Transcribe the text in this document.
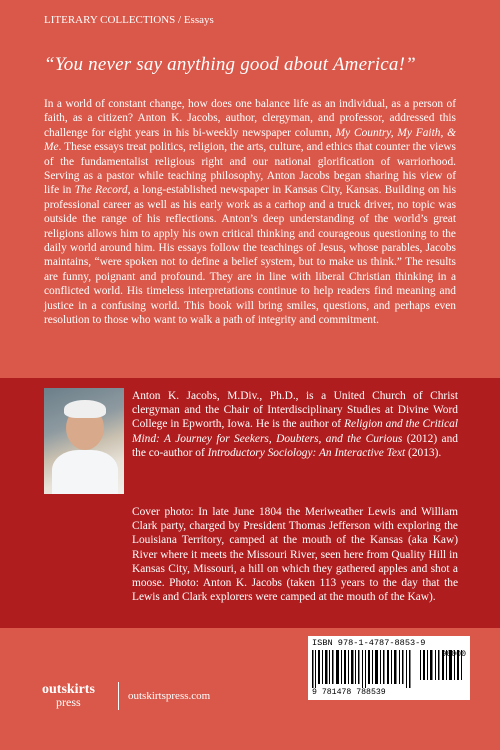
LITERARY COLLECTIONS / Essays
“You never say anything good about America!”

In a world of constant change, how does one balance life as an individual, as a person of faith, as a citizen? Anton K. Jacobs, author, clergyman, and professor, addressed this challenge for eight years in his bi-weekly newspaper column, My Country, My Faith, & Me. These essays treat politics, religion, the arts, culture, and ethics that counter the views of the fundamentalist religious right and our national glorification of warriorhood. Serving as a pastor while teaching philosophy, Anton Jacobs began sharing his view of life in The Record, a long-established newspaper in Kansas City, Kansas. Building on his professional career as well as his early work as a carhop and a truck driver, no topic was outside the range of his reflections. Anton’s deep understanding of the world’s great religions allows him to apply his own critical thinking and courageous questioning to the daily world around him. His essays follow the teachings of Jesus, whose parables, Jacobs maintains, “were spoken not to define a belief system, but to make us think.” The results are funny, poignant and profound. They are in line with liberal Christian thinking in a conflicted world. His timeless interpretations continue to help readers find meaning and justice in a confusing world. This book will bring smiles, questions, and perhaps even resolution to those who want to walk a path of integrity and commitment.

Anton K. Jacobs, M.Div., Ph.D., is a United Church of Christ clergyman and the Chair of Interdisciplinary Studies at Divine Word College in Epworth, Iowa. He is the author of Religion and the Critical Mind: A Journey for Seekers, Doubters, and the Curious (2012) and the co-author of Introductory Sociology: An Interactive Text (2013).

Cover photo: In late June 1804 the Meriweather Lewis and William Clark party, charged by President Thomas Jefferson with exploring the Louisiana Territory, camped at the mouth of the Kansas (aka Kaw) River where it meets the Missouri River, seen here from Quality Hill in Kansas City, Missouri, a hill on which they gathered apples and shot a moose. Photo: Anton K. Jacobs (taken 113 years to the day that the Lewis and Clark explorers were camped at the mouth of the Kaw).

ISBN 978-1-4787-8853-9
90000
9 781478 788539
outskirts
press	outskirtspress.com
